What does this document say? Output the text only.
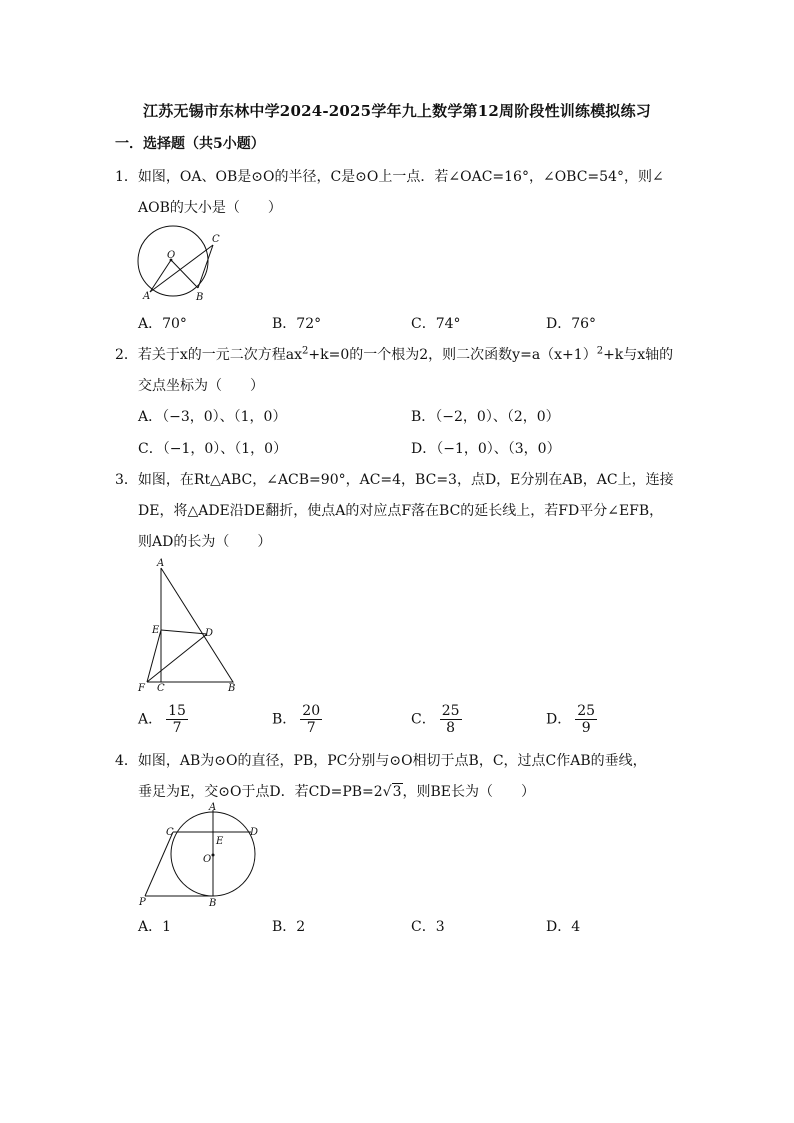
江苏无锡市东林中学2024-2025学年九上数学第12周阶段性训练模拟练习
一．选择题（共5小题）
1．如图，OA、OB是⊙O的半径，C是⊙O上一点．若∠OAC=16°，∠OBC=54°，则∠
AOB的大小是（　　）
O
A	B
C
A．70°	B．72°	C．74°	D．76°
2．若关于x的一元二次方程$ax^2+k=0$的一个根为2，则二次函数$y=a(x+1)^2+k$与x轴的
交点坐标为（　　）
A．（−3，0）、（1，0）	B．（−2，0）、（2，0）
C．（−1，0）、（1，0）	D．（−1，0）、（3，0）
3．如图，在Rt△ABC，∠ACB=90°，AC=4，BC=3，点D，E分别在AB，AC上，连接
DE，将△ADE沿DE翻折，使点A的对应点F落在BC的延长线上，若FD平分∠EFB，
则AD的长为（　　）
A
E	D
F C	B
A． $\frac{15}{7}$	B． $\frac{20}{7}$	C． $\frac{25}{8}$	D． $\frac{25}{9}$
4．如图，AB为⊙O的直径，PB，PC分别与⊙O相切于点B，C，过点C作AB的垂线，
垂足为E，交⊙O于点D．若CD=PB=2√3，则BE长为（　　）
A
C	D
E
O
P	B
A．1	B．2	C．3	D．4
